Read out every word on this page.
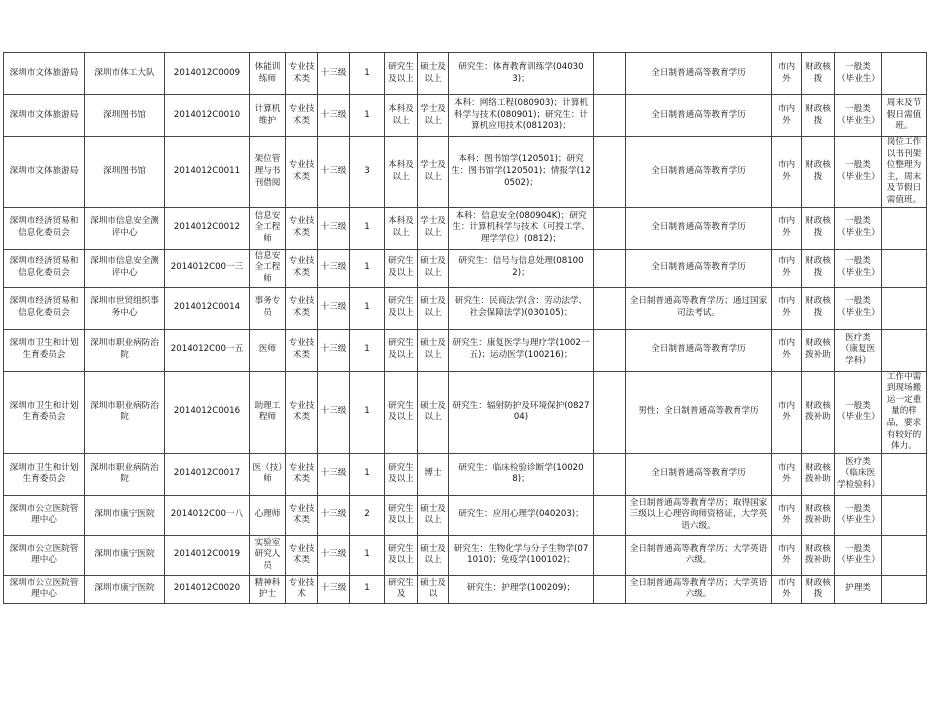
深圳市文体旅游局	深圳市体工大队	2014012C0009	体能训练师	专业技术类	十三级	1	研究生及以上	硕士及以上	研究生：体育教育训练学(040303)；		全日制普通高等教育学历	市内外	财政核拨	一般类（毕业生）	
深圳市文体旅游局	深圳图书馆	2014012C0010	计算机维护	专业技术类	十三级	1	本科及以上	学士及以上	本科：网络工程(080903)；计算机科学与技术(080901)；研究生：计算机应用技术(081203)；		全日制普通高等教育学历	市内外	财政核拨	一般类（毕业生）	周末及节假日需值班。
深圳市文体旅游局	深圳图书馆	2014012C0011	架位管理与书刊借阅	专业技术类	十三级	3	本科及以上	学士及以上	本科：图书馆学(120501)；研究生：图书馆学(120501)；情报学(120502)；		全日制普通高等教育学历	市内外	财政核拨	一般类（毕业生）	岗位工作以书刊架位整理为主，周末及节假日需值班。
深圳市经济贸易和信息化委员会	深圳市信息安全测评中心	2014012C0012	信息安全工程师	专业技术类	十三级	1	本科及以上	学士及以上	本科：信息安全(080904K)；研究生：计算机科学与技术（可授工学、理学学位）(0812)；		全日制普通高等教育学历	市内外	财政核拨	一般类（毕业生）	
深圳市经济贸易和信息化委员会	深圳市信息安全测评中心	2014012C00一三	信息安全工程师	专业技术类	十三级	1	研究生及以上	硕士及以上	研究生：信号与信息处理(081002)；		全日制普通高等教育学历	市内外	财政核拨	一般类（毕业生）	
深圳市经济贸易和信息化委员会	深圳市世贸组织事务中心	2014012C0014	事务专员	专业技术类	十三级	1	研究生及以上	硕士及以上	研究生：民商法学(含：劳动法学、社会保障法学)(030105)；		全日制普通高等教育学历；通过国家司法考试。	市内外	财政核拨	一般类（毕业生）	
深圳市卫生和计划生育委员会	深圳市职业病防治院	2014012C00一五	医师	专业技术类	十三级	1	研究生及以上	硕士及以上	研究生：康复医学与理疗学(1002一五)；运动医学(100216)；		全日制普通高等教育学历	市内外	财政核拨补助	医疗类（康复医学科）	
深圳市卫生和计划生育委员会	深圳市职业病防治院	2014012C0016	助理工程师	专业技术类	十三级	1	研究生及以上	硕士及以上	研究生：辐射防护及环境保护(082704)		男性；全日制普通高等教育学历	市内外	财政核拨补助	一般类（毕业生）	工作中需到现场搬运一定重量的样品，要求有较好的体力。
深圳市卫生和计划生育委员会	深圳市职业病防治院	2014012C0017	医（技）师	专业技术类	十三级	1	研究生及以上	博士	研究生：临床检验诊断学(100208)；		全日制普通高等教育学历	市内外	财政核拨补助	医疗类（临床医学检验科）	
深圳市公立医院管理中心	深圳市康宁医院	2014012C00一八	心理师	专业技术类	十三级	2	研究生及以上	硕士及以上	研究生：应用心理学(040203)；		全日制普通高等教育学历；取得国家三级以上心理咨询师资格证，大学英语六级。	市内外	财政核拨补助	一般类（毕业生）	
深圳市公立医院管理中心	深圳市康宁医院	2014012C0019	实验室研究人员	专业技术类	十三级	1	研究生及以上	硕士及以上	研究生：生物化学与分子生物学(071010)；免疫学(100102)；		全日制普通高等教育学历；大学英语六级。	市内外	财政核拨补助	一般类（毕业生）	
深圳市公立医院管理中心	深圳市康宁医院	2014012C0020	精神科护士	专业技术	十三级	1	研究生及	硕士及以	研究生：护理学(100209)；		全日制普通高等教育学历；大学英语六级。	市内外	财政核拨	护理类	
